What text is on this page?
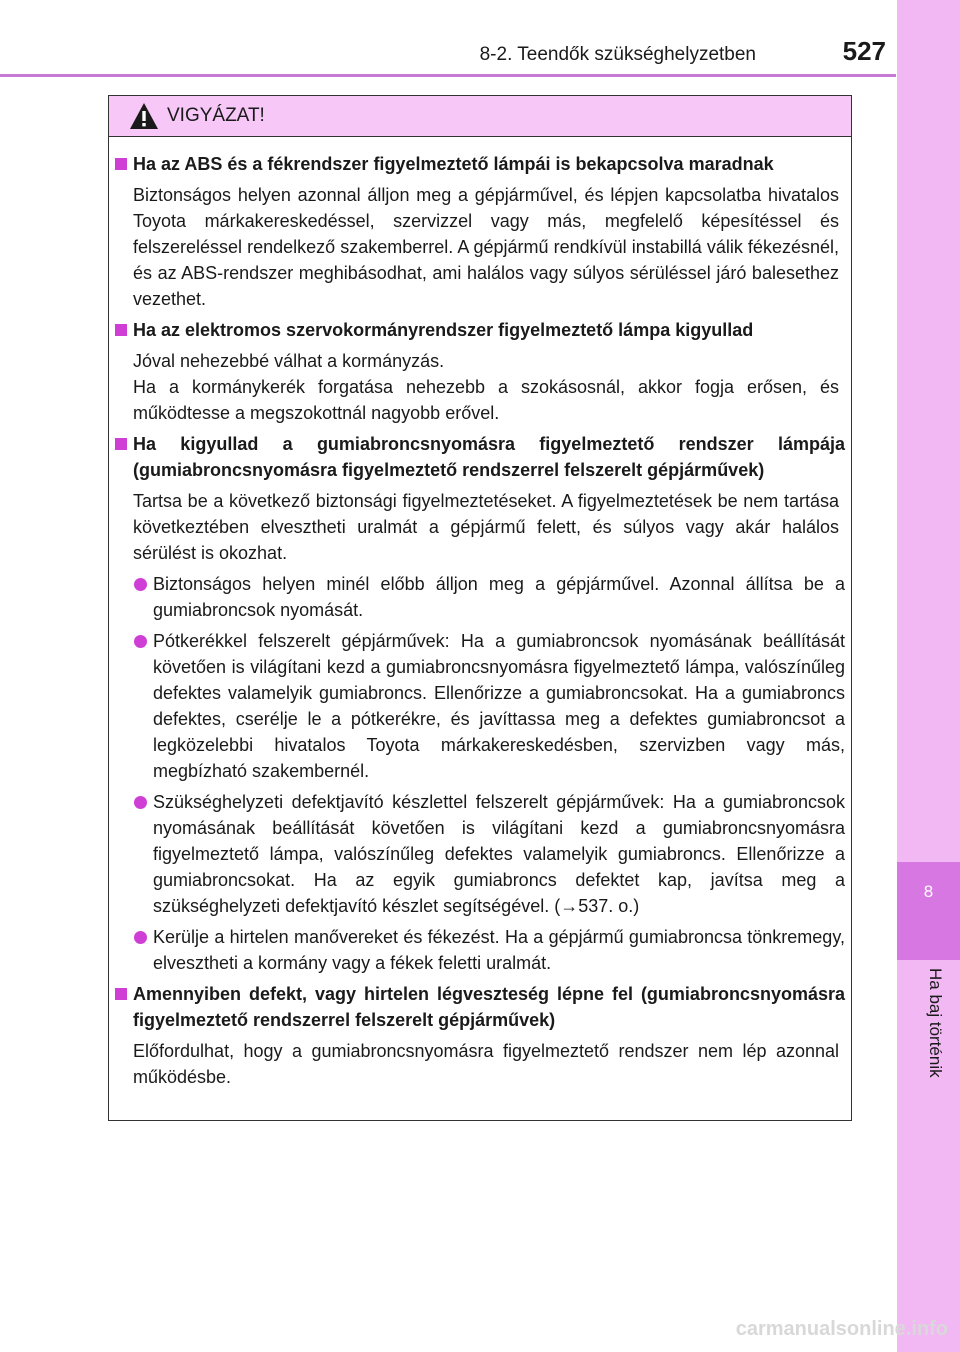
8
Ha baj történik
8-2. Teendők szükséghelyzetben	527
VIGYÁZAT!
Ha az ABS és a fékrendszer figyelmeztető lámpái is bekapcsolva maradnak
Biztonságos helyen azonnal álljon meg a gépjárművel, és lépjen kapcsolatba hivatalos Toyota márkakereskedéssel, szervizzel vagy más, megfelelő képesítéssel és felszereléssel rendelkező szakemberrel. A gépjármű rendkívül instabillá válik fékezésnél, és az ABS-rendszer meghibásodhat, ami halálos vagy súlyos sérüléssel járó balesethez vezethet.
Ha az elektromos szervokormányrendszer figyelmeztető lámpa kigyullad
Jóval nehezebbé válhat a kormányzás.
Ha a kormánykerék forgatása nehezebb a szokásosnál, akkor fogja erősen, és működtesse a megszokottnál nagyobb erővel.
Ha kigyullad a gumiabroncsnyomásra figyelmeztető rendszer lámpája (gumiabroncsnyomásra figyelmeztető rendszerrel felszerelt gépjárművek)
Tartsa be a következő biztonsági figyelmeztetéseket. A figyelmeztetések be nem tartása következtében elvesztheti uralmát a gépjármű felett, és súlyos vagy akár halálos sérülést is okozhat.
Biztonságos helyen minél előbb álljon meg a gépjárművel. Azonnal állítsa be a gumiabroncsok nyomását.
Pótkerékkel felszerelt gépjárművek: Ha a gumiabroncsok nyomásának beállítását követően is világítani kezd a gumiabroncsnyomásra figyelmeztető lámpa, valószínűleg defektes valamelyik gumiabroncs. Ellenőrizze a gumiabroncsokat. Ha a gumiabroncs defektes, cserélje le a pótkerékre, és javíttassa meg a defektes gumiabroncsot a legközelebbi hivatalos Toyota márkakereskedésben, szervizben vagy más, megbízható szakembernél.
Szükséghelyzeti defektjavító készlettel felszerelt gépjárművek: Ha a gumiabroncsok nyomásának beállítását követően is világítani kezd a gumiabroncsnyomásra figyelmeztető lámpa, valószínűleg defektes valamelyik gumiabroncs. Ellenőrizze a gumiabroncsokat. Ha az egyik gumiabroncs defektet kap, javítsa meg a szükséghelyzeti defektjavító készlet segítségével. (→537. o.)
Kerülje a hirtelen manővereket és fékezést. Ha a gépjármű gumiabroncsa tönkremegy, elvesztheti a kormány vagy a fékek feletti uralmát.
Amennyiben defekt, vagy hirtelen légveszteség lépne fel (gumiabroncsnyomásra figyelmeztető rendszerrel felszerelt gépjárművek)
Előfordulhat, hogy a gumiabroncsnyomásra figyelmeztető rendszer nem lép azonnal működésbe.
carmanualsonline.info
